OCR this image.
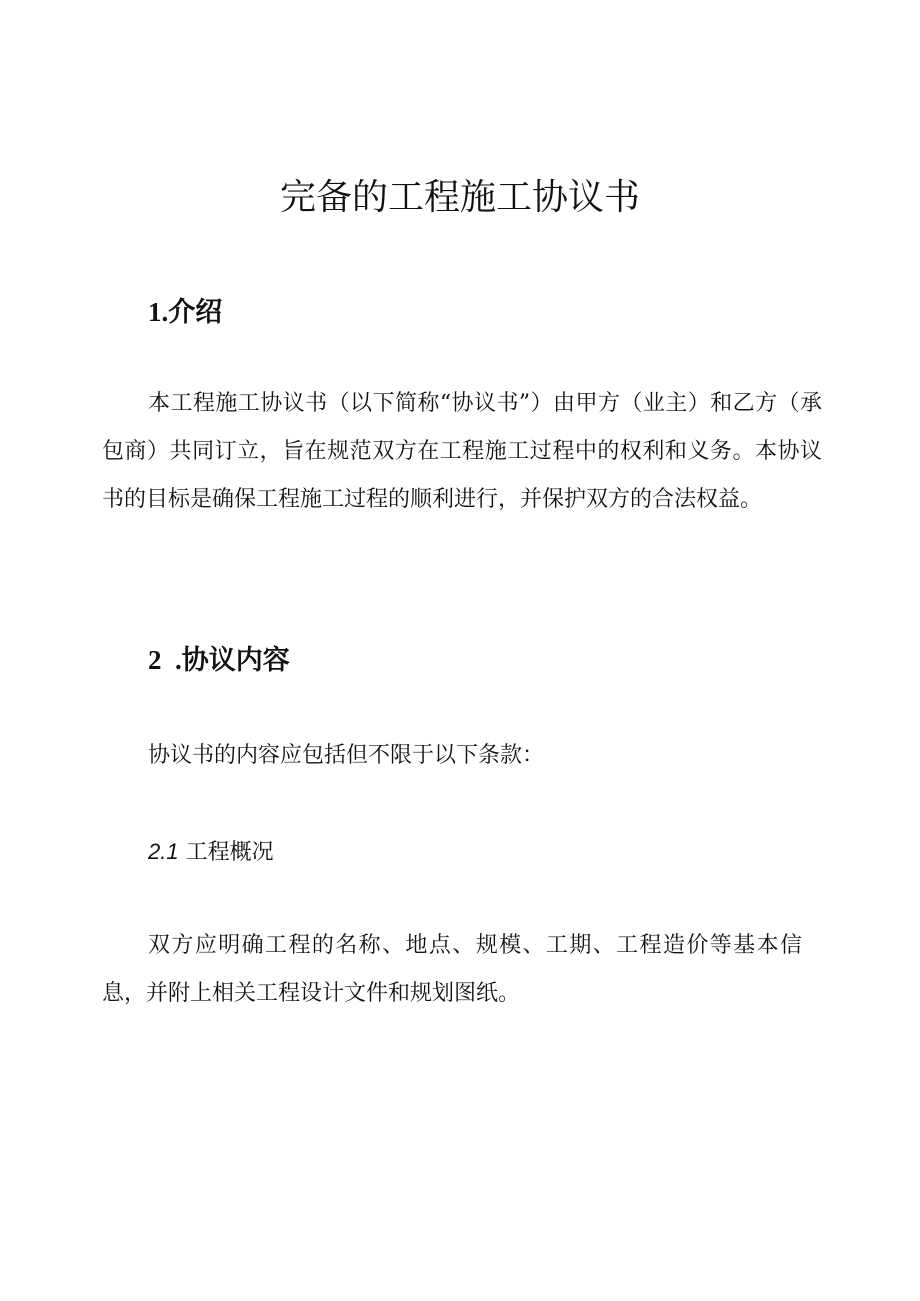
完备的工程施工协议书
1.介绍

本工程施工协议书（以下简称“协议书”）由甲方（业主）和乙方（承包商）共同订立，旨在规范双方在工程施工过程中的权利和义务。本协议书的目标是确保工程施工过程的顺利进行，并保护双方的合法权益。

2  .协议内容

协议书的内容应包括但不限于以下条款：

2.1 工程概况

双方应明确工程的名称、地点、规模、工期、工程造价等基本信息，并附上相关工程设计文件和规划图纸。
